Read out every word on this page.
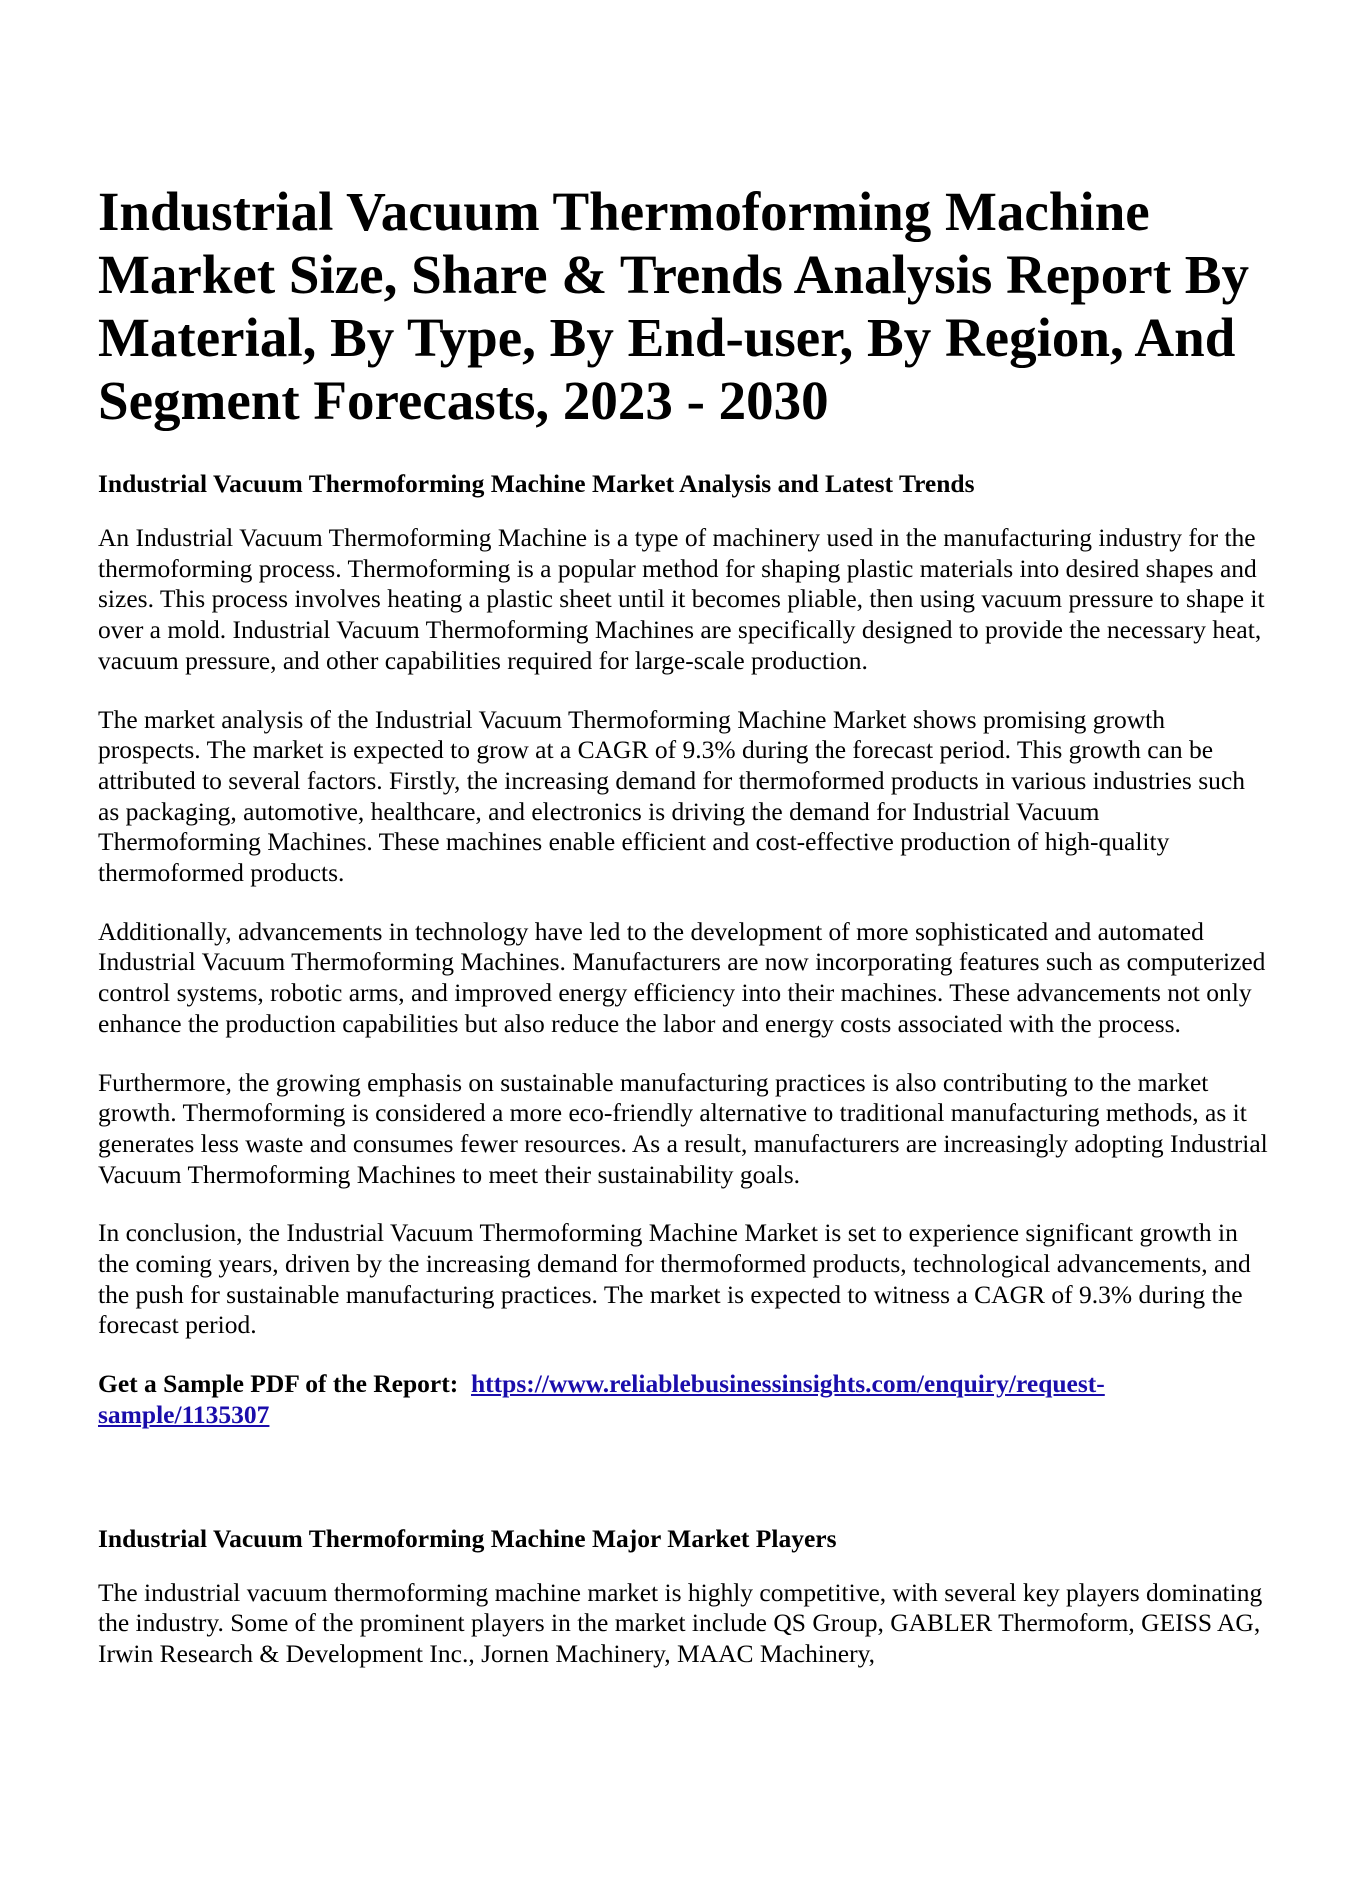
Industrial Vacuum Thermoforming Machine Market Size, Share & Trends Analysis Report By Material, By Type, By End-user, By Region, And Segment Forecasts, 2023 - 2030
Industrial Vacuum Thermoforming Machine Market Analysis and Latest Trends

An Industrial Vacuum Thermoforming Machine is a type of machinery used in the manufacturing industry for the thermoforming process. Thermoforming is a popular method for shaping plastic materials into desired shapes and sizes. This process involves heating a plastic sheet until it becomes pliable, then using vacuum pressure to shape it over a mold. Industrial Vacuum Thermoforming Machines are specifically designed to provide the necessary heat, vacuum pressure, and other capabilities required for large-scale production.

The market analysis of the Industrial Vacuum Thermoforming Machine Market shows promising growth prospects. The market is expected to grow at a CAGR of 9.3% during the forecast period. This growth can be attributed to several factors. Firstly, the increasing demand for thermoformed products in various industries such as packaging, automotive, healthcare, and electronics is driving the demand for Industrial Vacuum Thermoforming Machines. These machines enable efficient and cost-effective production of high-quality thermoformed products.

Additionally, advancements in technology have led to the development of more sophisticated and automated Industrial Vacuum Thermoforming Machines. Manufacturers are now incorporating features such as computerized control systems, robotic arms, and improved energy efficiency into their machines. These advancements not only enhance the production capabilities but also reduce the labor and energy costs associated with the process.

Furthermore, the growing emphasis on sustainable manufacturing practices is also contributing to the market growth. Thermoforming is considered a more eco-friendly alternative to traditional manufacturing methods, as it generates less waste and consumes fewer resources. As a result, manufacturers are increasingly adopting Industrial Vacuum Thermoforming Machines to meet their sustainability goals.

In conclusion, the Industrial Vacuum Thermoforming Machine Market is set to experience significant growth in the coming years, driven by the increasing demand for thermoformed products, technological advancements, and the push for sustainable manufacturing practices. The market is expected to witness a CAGR of 9.3% during the forecast period.

Get a Sample PDF of the Report: https://www.reliablebusinessinsights.com/enquiry/request-sample/1135307
Industrial Vacuum Thermoforming Machine Major Market Players

The industrial vacuum thermoforming machine market is highly competitive, with several key players dominating the industry. Some of the prominent players in the market include QS Group, GABLER Thermoform, GEISS AG, Irwin Research & Development Inc., Jornen Machinery, MAAC Machinery,
